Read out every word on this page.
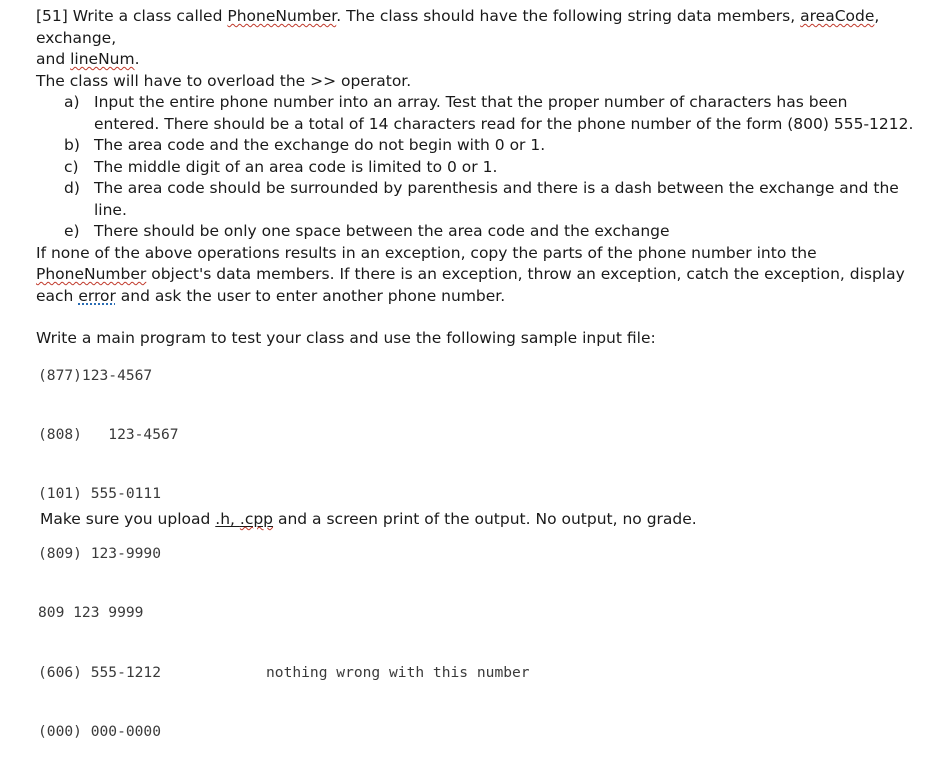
[51] Write a class called PhoneNumber. The class should have the following string data members, areaCode, exchange,
and lineNum.

The class will have to overload the >> operator.

a) Input the entire phone number into an array. Test that the proper number of characters has been entered. There should be a total of 14 characters read for the phone number of the form (800) 555-1212.
b) The area code and the exchange do not begin with 0 or 1.
c) The middle digit of an area code is limited to 0 or 1.
d) The area code should be surrounded by parenthesis and there is a dash between the exchange and the line.
e) There should be only one space between the area code and the exchange

If none of the above operations results in an exception, copy the parts of the phone number into the PhoneNumber object's data members. If there is an exception, throw an exception, catch the exception, display each error and ask the user to enter another phone number.

Write a main program to test your class and use the following sample input file:

(877)123-4567

(808)   123-4567

(101) 555-0111

(809) 123-9990

809 123 9999

(606) 555-1212	nothing wrong with this number

(000) 000-0000

Make sure you upload .h, .cpp and a screen print of the output. No output, no grade.
